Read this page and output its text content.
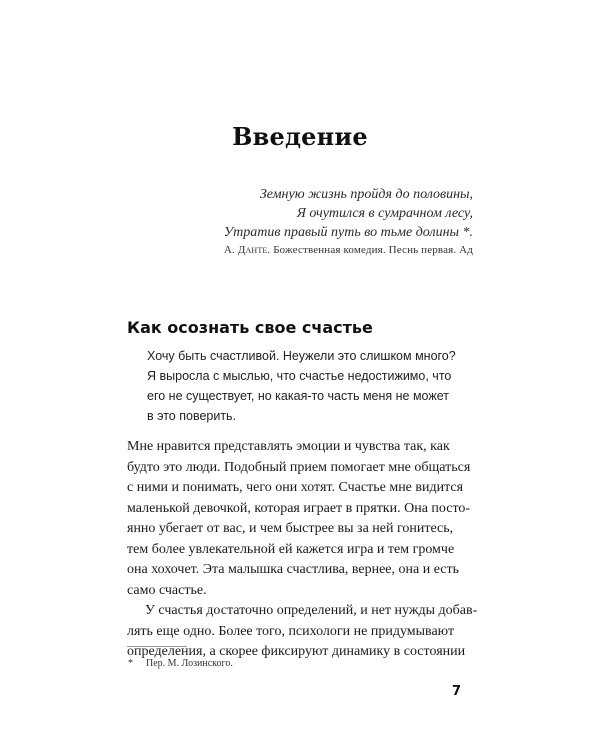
Введение
Земную жизнь пройдя до половины,
Я очутился в сумрачном лесу,
Утратив правый путь во тьме долины *.
А. Данте. Божественная комедия. Песнь первая. Ад
Как осознать свое счастье
Хочу быть счастливой. Неужели это слишком много?
Я выросла с мыслью, что счастье недостижимо, что
его не существует, но какая-то часть меня не может
в это поверить.
Мне нравится представлять эмоции и чувства так, как
будто это люди. Подобный прием помогает мне общаться
с ними и понимать, чего они хотят. Счастье мне видится
маленькой девочкой, которая играет в прятки. Она посто-
янно убегает от вас, и чем быстрее вы за ней гонитесь,
тем более увлекательной ей кажется игра и тем громче
она хохочет. Эта малышка счастлива, вернее, она и есть
само счастье.
У счастья достаточно определений, и нет нужды добав-
лять еще одно. Более того, психологи не придумывают
определения, а скорее фиксируют динамику в состоянии
* Пер. М. Лозинского.
7
